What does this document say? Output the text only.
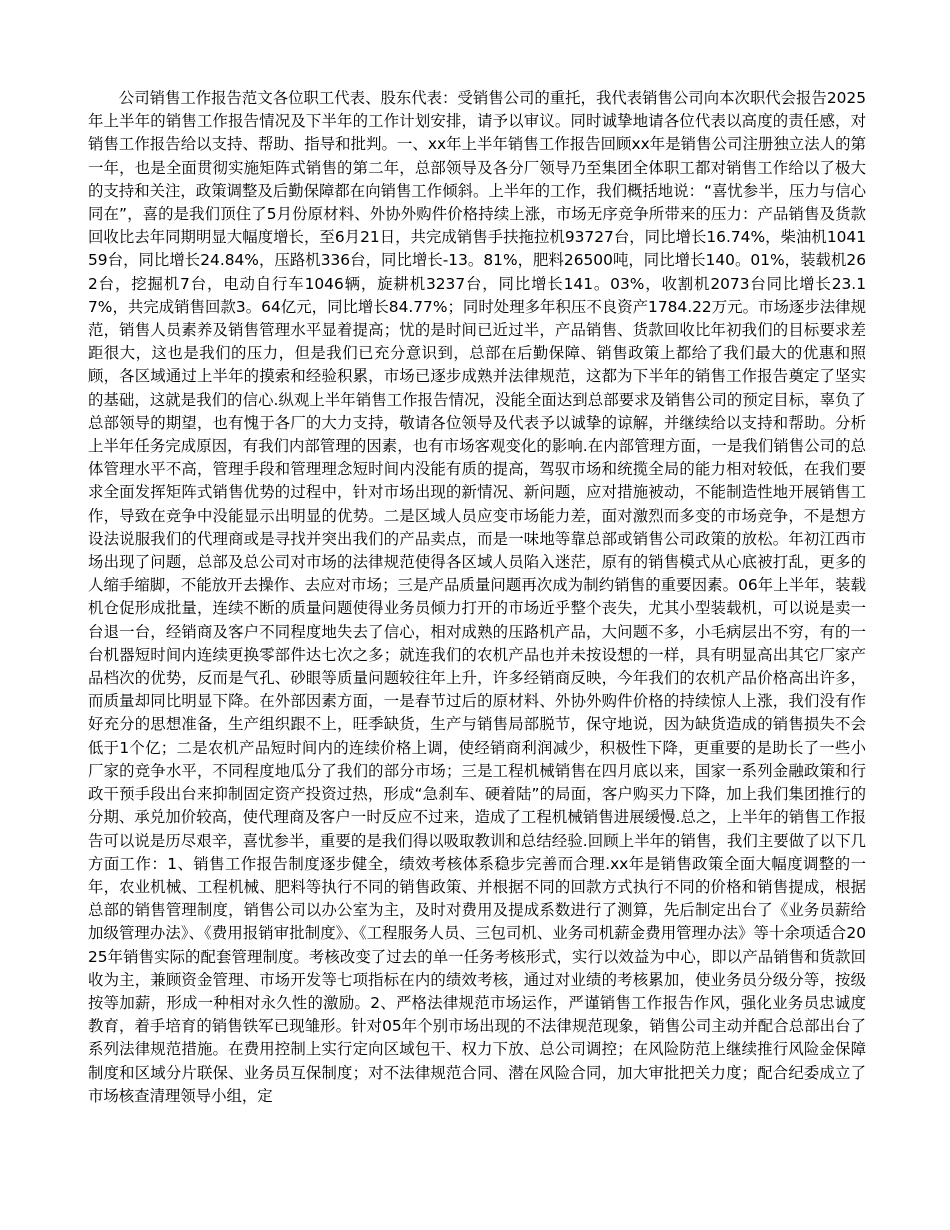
公司销售工作报告范文各位职工代表、股东代表：受销售公司的重托，我代表销售公司向本次职代会报告2025年上半年的销售工作报告情况及下半年的工作计划安排，请予以审议。同时诚挚地请各位代表以高度的责任感，对销售工作报告给以支持、帮助、指导和批判。一、xx年上半年销售工作报告回顾xx年是销售公司注册独立法人的第一年，也是全面贯彻实施矩阵式销售的第二年，总部领导及各分厂领导乃至集团全体职工都对销售工作给以了极大的支持和关注，政策调整及后勤保障都在向销售工作倾斜。上半年的工作，我们概括地说：“喜忧参半，压力与信心同在”，喜的是我们顶住了5月份原材料、外协外购件价格持续上涨，市场无序竞争所带来的压力：产品销售及货款回收比去年同期明显大幅度增长，至6月21日，共完成销售手扶拖拉机93727台，同比增长16.74%，柴油机104159台，同比增长24.84%，压路机336台，同比增长-13。81%，肥料26500吨，同比增长140。01%，装载机262台，挖掘机7台，电动自行车1046辆，旋耕机3237台，同比增长141。03%，收割机2073台同比增长23.17%，共完成销售回款3。64亿元，同比增长84.77%；同时处理多年积压不良资产1784.22万元。市场逐步法律规范，销售人员素养及销售管理水平显着提高；忧的是时间已近过半，产品销售、货款回收比年初我们的目标要求差距很大，这也是我们的压力，但是我们已充分意识到，总部在后勤保障、销售政策上都给了我们最大的优惠和照顾，各区域通过上半年的摸索和经验积累，市场已逐步成熟并法律规范，这都为下半年的销售工作报告奠定了坚实的基础，这就是我们的信心.纵观上半年销售工作报告情况，没能全面达到总部要求及销售公司的预定目标，辜负了总部领导的期望，也有愧于各厂的大力支持，敬请各位领导及代表予以诚挚的谅解，并继续给以支持和帮助。分析上半年任务完成原因，有我们内部管理的因素，也有市场客观变化的影响.在内部管理方面，一是我们销售公司的总体管理水平不高，管理手段和管理理念短时间内没能有质的提高，驾驭市场和统揽全局的能力相对较低，在我们要求全面发挥矩阵式销售优势的过程中，针对市场出现的新情况、新问题，应对措施被动，不能制造性地开展销售工作，导致在竞争中没能显示出明显的优势。二是区域人员应变市场能力差，面对激烈而多变的市场竞争，不是想方设法说服我们的代理商或是寻找并突出我们的产品卖点，而是一味地等靠总部或销售公司政策的放松。年初江西市场出现了问题，总部及总公司对市场的法律规范使得各区域人员陷入迷茫，原有的销售模式从心底被打乱，更多的人缩手缩脚，不能放开去操作、去应对市场；三是产品质量问题再次成为制约销售的重要因素。06年上半年，装载机仓促形成批量，连续不断的质量问题使得业务员倾力打开的市场近乎整个丧失，尤其小型装载机，可以说是卖一台退一台，经销商及客户不同程度地失去了信心，相对成熟的压路机产品，大问题不多，小毛病层出不穷，有的一台机器短时间内连续更换零部件达七次之多；就连我们的农机产品也并未按设想的一样，具有明显高出其它厂家产品档次的优势，反而是气孔、砂眼等质量问题较往年上升，许多经销商反映，今年我们的农机产品价格高出许多，而质量却同比明显下降。在外部因素方面，一是春节过后的原材料、外协外购件价格的持续惊人上涨，我们没有作好充分的思想准备，生产组织跟不上，旺季缺货，生产与销售局部脱节，保守地说，因为缺货造成的销售损失不会低于1个亿；二是农机产品短时间内的连续价格上调，使经销商利润减少，积极性下降，更重要的是助长了一些小厂家的竞争水平，不同程度地瓜分了我们的部分市场；三是工程机械销售在四月底以来，国家一系列金融政策和行政干预手段出台来抑制固定资产投资过热，形成“急刹车、硬着陆”的局面，客户购买力下降，加上我们集团推行的分期、承兑加价较高，使代理商及客户一时反应不过来，造成了工程机械销售进展缓慢.总之，上半年的销售工作报告可以说是历尽艰辛，喜忧参半，重要的是我们得以吸取教训和总结经验.回顾上半年的销售，我们主要做了以下几方面工作：1、销售工作报告制度逐步健全，绩效考核体系稳步完善而合理.xx年是销售政策全面大幅度调整的一年，农业机械、工程机械、肥料等执行不同的销售政策、并根据不同的回款方式执行不同的价格和销售提成，根据总部的销售管理制度，销售公司以办公室为主，及时对费用及提成系数进行了测算，先后制定出台了《业务员薪给加级管理办法》、《费用报销审批制度》、《工程服务人员、三包司机、业务司机薪金费用管理办法》等十余项适合2025年销售实际的配套管理制度。考核改变了过去的单一任务考核形式，实行以效益为中心，即以产品销售和货款回收为主，兼顾资金管理、市场开发等七项指标在内的绩效考核，通过对业绩的考核累加，使业务员分级分等，按级按等加薪，形成一种相对永久性的激励。2、严格法律规范市场运作，严谨销售工作报告作风，强化业务员忠诚度教育，着手培育的销售铁军已现雏形。针对05年个别市场出现的不法律规范现象，销售公司主动并配合总部出台了系列法律规范措施。在费用控制上实行定向区域包干、权力下放、总公司调控；在风险防范上继续推行风险金保障制度和区域分片联保、业务员互保制度；对不法律规范合同、潜在风险合同，加大审批把关力度；配合纪委成立了市场核查清理领导小组，定
